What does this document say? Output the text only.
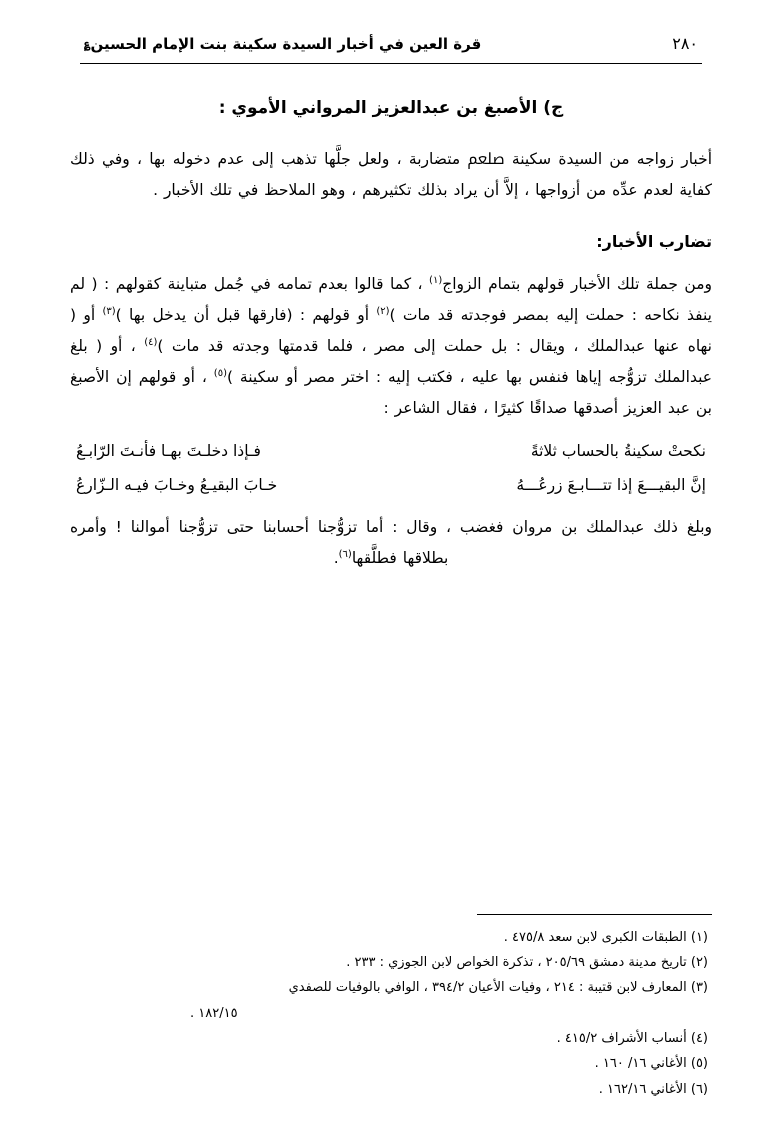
قرة العين في أخبار السيدة سكينة بنت الإمام الحسين؏	٢٨٠
ج) الأصبغ بن عبدالعزيز المرواني الأموي :

أخبار زواجه من السيدة سكينة ﷵ متضاربة ، ولعل جلَّها تذهب إلى عدم دخوله بها ، وفي ذلك كفاية لعدم عدِّه من أزواجها ، إلاَّ أن يراد بذلك تكثيرهم ، وهو الملاحظ في تلك الأخبار .

تضارب الأخبار:

ومن جملة تلك الأخبار قولهم بتمام الزواج$^{(١)}$ ، كما قالوا بعدم تمامه في جُمل متباينة كقولهم : ( لم ينفذ نكاحه : حملت إليه بمصر فوجدته قد مات )$^{(٢)}$ أو قولهم : (فارقها قبل أن يدخل بها )$^{(٣)}$ أو ( نهاه عنها عبدالملك ، ويقال : بل حملت إلى مصر ، فلما قدمتها وجدته قد مات )$^{(٤)}$ ، أو ( بلغ عبدالملك تزوُّجه إياها فنفس بها عليه ، فكتب إليه : اختر مصر أو سكينة )$^{(٥)}$ ، أو قولهم إن الأصبغ بن عبد العزيز أصدقها صداقًا كثيرًا ، فقال الشاعر :

نكحتْ سكينةُ بالحساب ثلاثةً
فـإذا دخلـتَ بهـا فأنـتَ الرّابـعُ
إنَّ البقيـــعَ إذا تتـــابـعَ زرعُـــهُ
خـابَ البقيـعُ وخـابَ فيـه الـزّارعُ

وبلغ ذلك عبدالملك بن مروان فغضب ، وقال : أما تزوُّجنا أحسابنا حتى تزوُّجنا أموالنا ! وأمره بطلاقها فطلَّقها$^{(٦)}$.

(١) الطبقات الكبرى لابن سعد ٤٧٥/٨ .

(٢) تاريخ مدينة دمشق ٢٠٥/٦٩ ، تذكرة الخواص لابن الجوزي : ٢٣٣ .

(٣) المعارف لابن قتيبة : ٢١٤ ، وفيات الأعيان ٣٩٤/٢ ، الوافي بالوفيات للصفدي

١٨٢/١٥ .

(٤) أنساب الأشراف ٤١٥/٢ .

(٥) الأغاني ١٦/ ١٦٠ .

(٦) الأغاني ١٦٢/١٦ .
